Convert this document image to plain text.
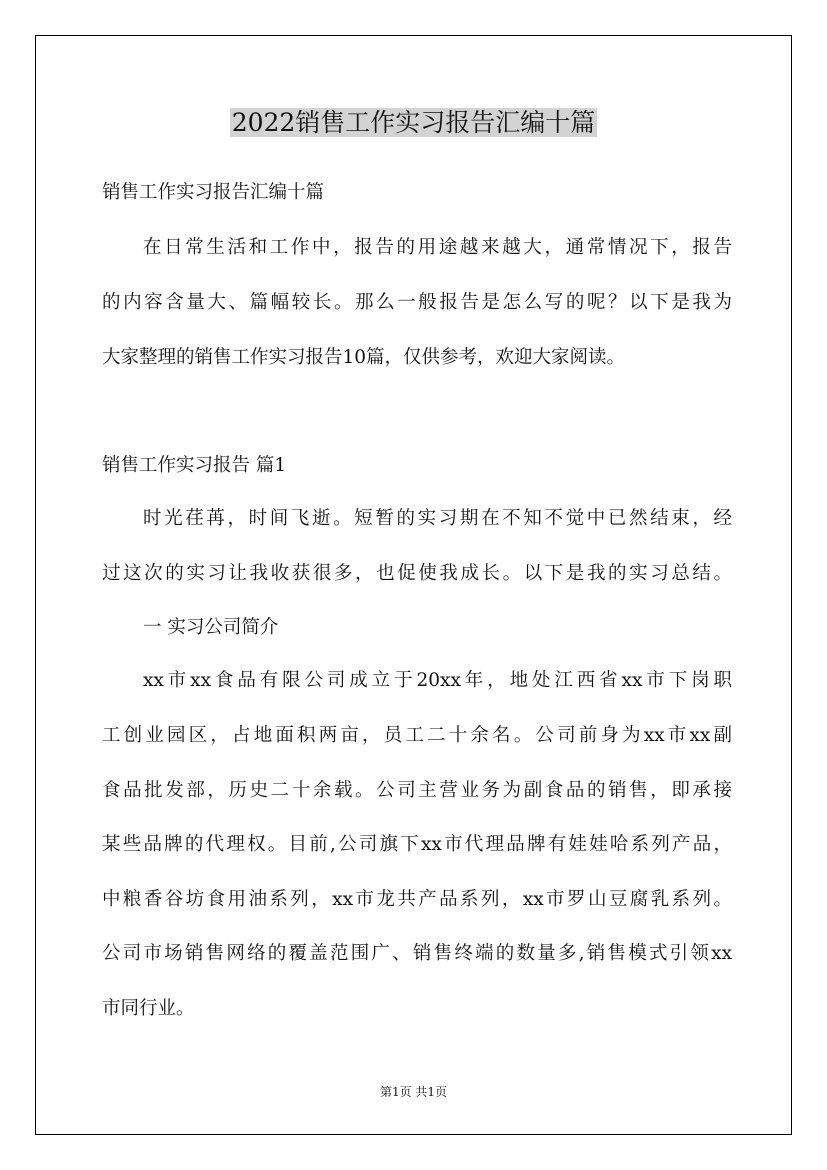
2022销售工作实习报告汇编十篇
销售工作实习报告汇编十篇
在日常生活和工作中，报告的用途越来越大，通常情况下，报告
的内容含量大、篇幅较长。那么一般报告是怎么写的呢？以下是我为
大家整理的销售工作实习报告10篇，仅供参考，欢迎大家阅读。
销售工作实习报告 篇1
时光荏苒，时间飞逝。短暂的实习期在不知不觉中已然结束，经
过这次的实习让我收获很多，也促使我成长。以下是我的实习总结。
一 实习公司简介
xx市xx食品有限公司成立于20xx年，地处江西省xx市下岗职
工创业园区，占地面积两亩，员工二十余名。公司前身为xx市xx副
食品批发部，历史二十余载。公司主营业务为副食品的销售，即承接
某些品牌的代理权。目前,公司旗下xx市代理品牌有娃娃哈系列产品，
中粮香谷坊食用油系列，xx市龙共产品系列，xx市罗山豆腐乳系列。
公司市场销售网络的覆盖范围广、销售终端的数量多,销售模式引领xx
市同行业。
第1页 共1页
